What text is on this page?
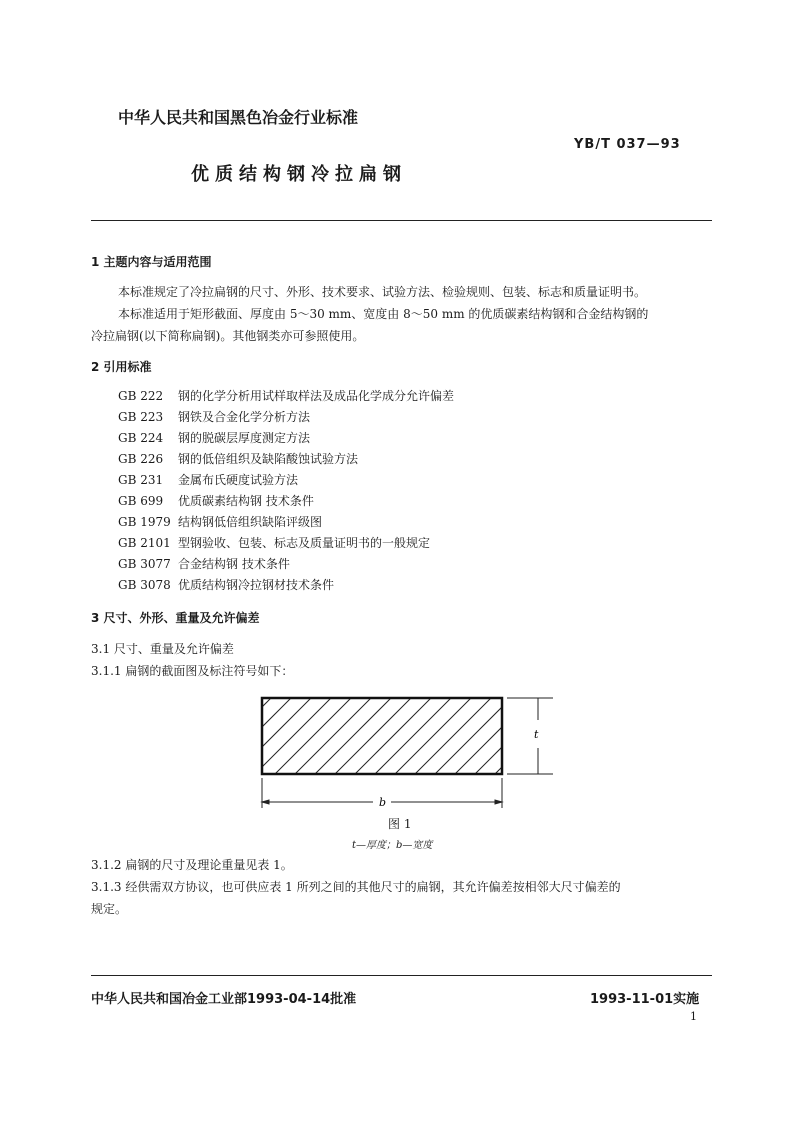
中华人民共和国黑色冶金行业标准
YB/T 037—93
优质结构钢冷拉扁钢
1 主题内容与适用范围
本标准规定了冷拉扁钢的尺寸、外形、技术要求、试验方法、检验规则、包装、标志和质量证明书。
本标准适用于矩形截面、厚度由 5～30 mm、宽度由 8～50 mm 的优质碳素结构钢和合金结构钢的
冷拉扁钢(以下简称扁钢)。其他钢类亦可参照使用。
2 引用标准
GB 222 钢的化学分析用试样取样法及成品化学成分允许偏差
GB 223 钢铁及合金化学分析方法
GB 224 钢的脱碳层厚度测定方法
GB 226 钢的低倍组织及缺陷酸蚀试验方法
GB 231 金属布氏硬度试验方法
GB 699 优质碳素结构钢 技术条件
GB 1979 结构钢低倍组织缺陷评级图
GB 2101 型钢验收、包装、标志及质量证明书的一般规定
GB 3077 合金结构钢 技术条件
GB 3078 优质结构钢冷拉钢材技术条件
3 尺寸、外形、重量及允许偏差
3.1 尺寸、重量及允许偏差
3.1.1 扁钢的截面图及标注符号如下：
t
b
图 1
t—厚度；b—宽度
3.1.2 扁钢的尺寸及理论重量见表 1。
3.1.3 经供需双方协议，也可供应表 1 所列之间的其他尺寸的扁钢，其允许偏差按相邻大尺寸偏差的
规定。
中华人民共和国冶金工业部1993-04-14批准	1993-11-01实施
1
